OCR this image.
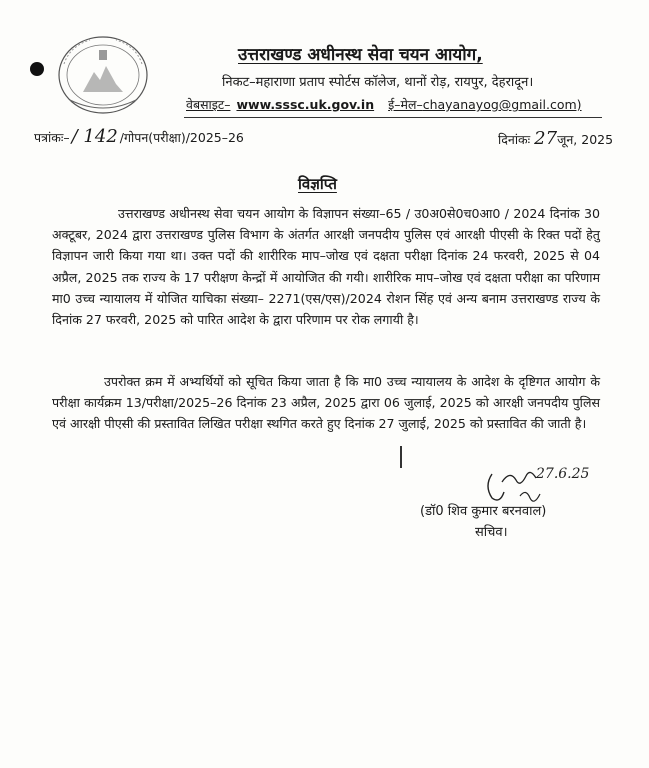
उत्तराखण्ड अधीनस्थ सेवा चयन आयोग,
निकट–महाराणा प्रताप स्पोर्टस कॉलेज, थानों रोड़, रायपुर, देहरादून।
वेबसाइट– www.sssc.uk.gov.in ई–मेल–chayanayog@gmail.com)
पत्रांकः– / 142 /गोपन(परीक्षा)/2025–26	दिनांकः 27जून, 2025
विज्ञप्ति
उत्तराखण्ड अधीनस्थ सेवा चयन आयोग के विज्ञापन संख्या–65 / उ0अ0से0च0आ0 / 2024 दिनांक 30 अक्टूबर, 2024 द्वारा उत्तराखण्ड पुलिस विभाग के अंतर्गत आरक्षी जनपदीय पुलिस एवं आरक्षी पीएसी के रिक्त पदों हेतु विज्ञापन जारी किया गया था। उक्त पदों की शारीरिक माप–जोख एवं दक्षता परीक्षा दिनांक 24 फरवरी, 2025 से 04 अप्रैल, 2025 तक राज्य के 17 परीक्षण केन्द्रों में आयोजित की गयी। शारीरिक माप–जोख एवं दक्षता परीक्षा का परिणाम मा0 उच्च न्यायालय में योजित याचिका संख्या– 2271(एस/एस)/2024 रोशन सिंह एवं अन्य बनाम उत्तराखण्ड राज्य के दिनांक 27 फरवरी, 2025 को पारित आदेश के द्वारा परिणाम पर रोक लगायी है।
उपरोक्त क्रम में अभ्यर्थियों को सूचित किया जाता है कि मा0 उच्च न्यायालय के आदेश के दृष्टिगत आयोग के परीक्षा कार्यक्रम 13/परीक्षा/2025–26 दिनांक 23 अप्रैल, 2025 द्वारा 06 जुलाई, 2025 को आरक्षी जनपदीय पुलिस एवं आरक्षी पीएसी की प्रस्तावित लिखित परीक्षा स्थगित करते हुए दिनांक 27 जुलाई, 2025 को प्रस्तावित की जाती है।
27.6.25
(डॉ0 शिव कुमार बरनवाल)
सचिव।
